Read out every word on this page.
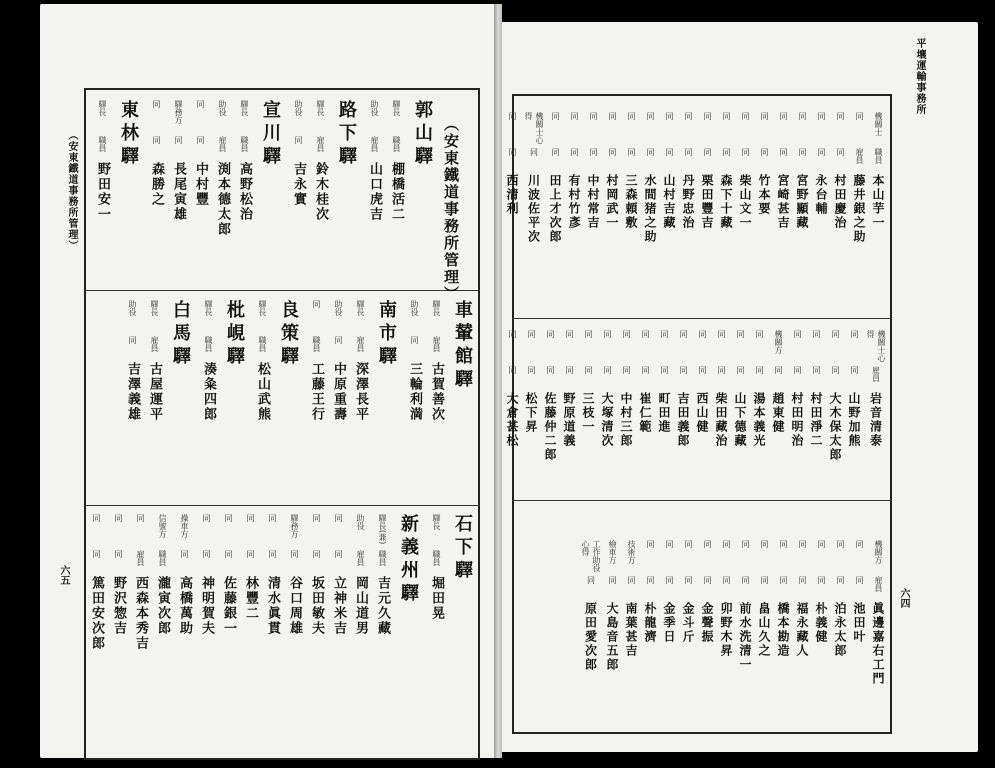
（安東鐵道事務所管理）
六五
（安東鐵道事務所管理）
郭山驛
驛長
職員
棚橋活二
助役
雇員
山口虎吉
路下驛
驛長
雇員
鈴木桂次
助役
同
吉永實
宣川驛
驛長
職員
高野松治
助役
雇員
渕本德太郎
同
同
中村豐
驛務方
同
長尾寅雄
同
同
森勝之
東林驛
驛長
職員
野田安一
車輦館驛
驛長
雇員
古賀善次
助役
同
三輪利満
南市驛
驛長
雇員
深澤長平
助役
同
中原重壽
同
職員
工藤王行
良策驛
驛長
職員
松山武熊
枇峴驛
驛長
職員
湊粂四郎
白馬驛
驛長
雇員
古屋運平
助役
同
吉澤義雄
石下驛
驛長
職員
堀田晃
新義州驛
驛長(兼)
職員
吉元久藏
助役
雇員
岡山道男
同
同
立神米吉
同
同
坂田敏夫
驛務方
同
谷口周雄
同
同
清水眞貫
同
同
林豐二
同
同
佐藤銀一
同
同
神明賀夫
操車方
同
高橋萬助
信號方
職員
瀧寅次郎
同
雇員
西森本秀吉
同
同
野沢惣吉
同
同
篤田安次郎
平壤運輸事務所
六四
機關士
職員
本山芋一
同
雇員
藤井銀之助
同
同
村田慶治
同
同
永台輔
同
同
宮野顯藏
同
同
宮崎甚吉
同
同
竹本要
同
同
柴山文一
同
同
森下十藏
同
同
栗田豐吉
同
同
丹野忠治
同
同
山村吉藏
同
同
水間猪之助
同
同
三森頼敷
同
同
村岡武一
同
同
中村常吉
同
同
有村竹彥
同
同
田上才次郎
機關士心得
同
川波佐平次
同
同
西清利
機關士心得
雇員
岩音清泰
同
同
山野加熊
同
同
大木保太郎
同
同
村田淨二
同
同
村田明治
機關方
同
趙東健
同
同
湯本義光
同
同
山下德藏
同
同
柴田藏治
同
同
西山健
同
同
吉田義郎
同
同
町田進
同
同
崔仁範
同
同
中村三郎
同
同
大塚清次
同
同
三枝一
同
同
野原道義
同
同
佐藤仲二郎
同
同
松下昇
同
同
大倉甚松
機關方
雇員
眞邊嘉右工門
同
同
池田叶
同
同
泊永太郎
同
同
朴義健
同
同
福永藏人
同
同
橋本勘造
同
同
畠山久之
同
同
前水洗清一
同
同
卯野木昇
同
同
金聲振
同
同
金斗斤
同
同
金季日
同
同
朴龍濟
技術方
同
南葉甚吉
檢車方
同
大島音五郎
工作助役心得
同
原田愛次郎
